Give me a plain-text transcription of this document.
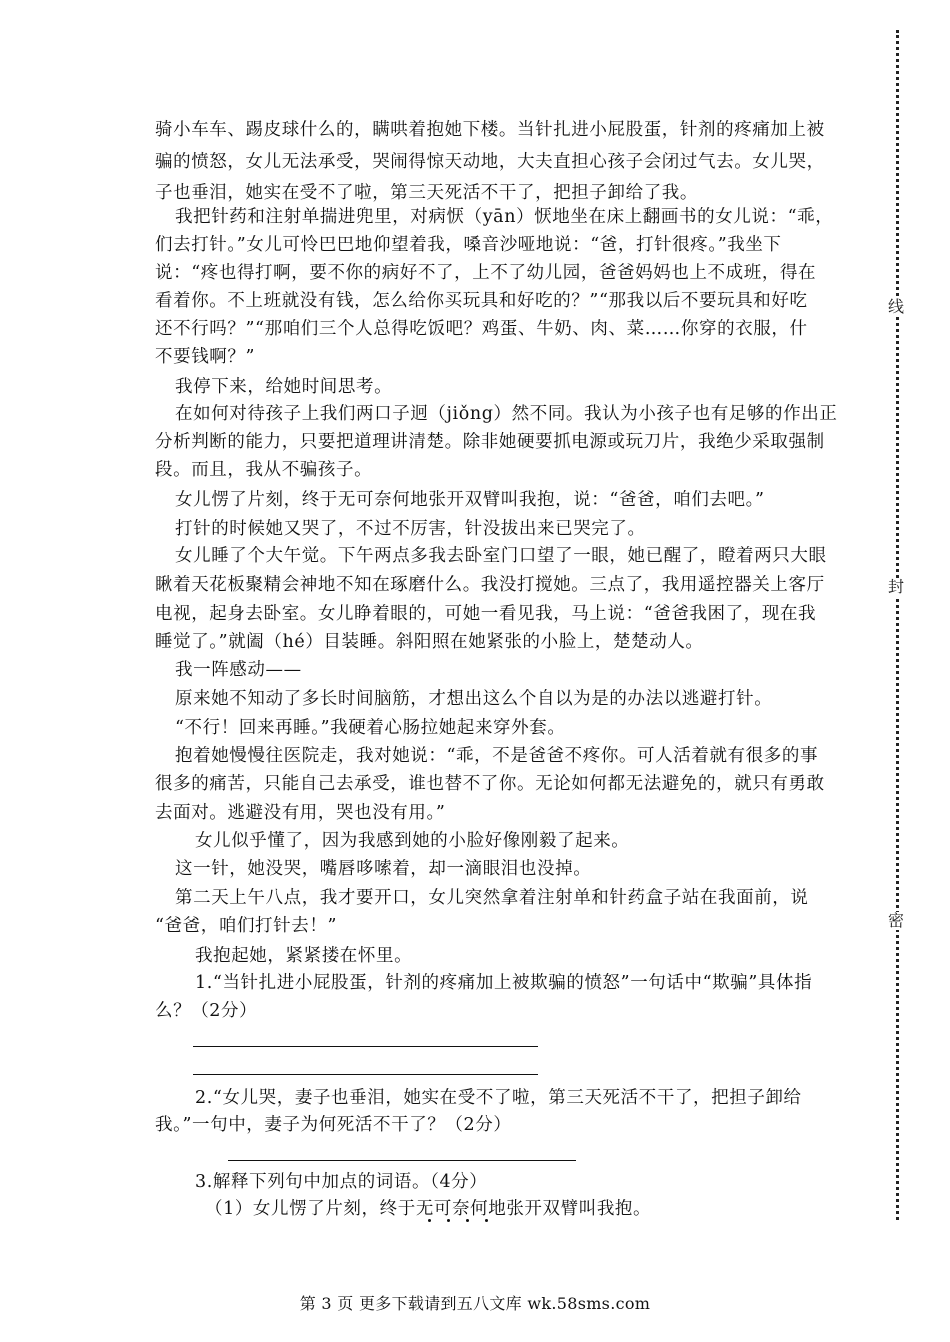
骑小车车、踢皮球什么的，瞒哄着抱她下楼。当针扎进小屁股蛋，针剂的疼痛加上被
骗的愤怒，女儿无法承受，哭闹得惊天动地，大夫直担心孩子会闭过气去。女儿哭，
子也垂泪，她实在受不了啦，第三天死活不干了，把担子卸给了我。
我把针药和注射单揣进兜里，对病恹（yān）恹地坐在床上翻画书的女儿说：“乖，
们去打针。”女儿可怜巴巴地仰望着我，嗓音沙哑地说：“爸，打针很疼。”我坐下
说：“疼也得打啊，要不你的病好不了，上不了幼儿园，爸爸妈妈也上不成班，得在
看着你。不上班就没有钱，怎么给你买玩具和好吃的？”“那我以后不要玩具和好吃
还不行吗？”“那咱们三个人总得吃饭吧？鸡蛋、牛奶、肉、菜……你穿的衣服，什
不要钱啊？”
我停下来，给她时间思考。
在如何对待孩子上我们两口子迥（jiǒng）然不同。我认为小孩子也有足够的作出正
分析判断的能力，只要把道理讲清楚。除非她硬要抓电源或玩刀片，我绝少采取强制
段。而且，我从不骗孩子。
女儿愣了片刻，终于无可奈何地张开双臂叫我抱，说：“爸爸，咱们去吧。”
打针的时候她又哭了，不过不厉害，针没拔出来已哭完了。
女儿睡了个大午觉。下午两点多我去卧室门口望了一眼，她已醒了，瞪着两只大眼
瞅着天花板聚精会神地不知在琢磨什么。我没打搅她。三点了，我用遥控器关上客厅
电视，起身去卧室。女儿睁着眼的，可她一看见我，马上说：“爸爸我困了，现在我
睡觉了。”就阖（hé）目装睡。斜阳照在她紧张的小脸上，楚楚动人。
我一阵感动——
原来她不知动了多长时间脑筋，才想出这么个自以为是的办法以逃避打针。
“不行！回来再睡。”我硬着心肠拉她起来穿外套。
抱着她慢慢往医院走，我对她说：“乖，不是爸爸不疼你。可人活着就有很多的事
很多的痛苦，只能自己去承受，谁也替不了你。无论如何都无法避免的，就只有勇敢
去面对。逃避没有用，哭也没有用。”
女儿似乎懂了，因为我感到她的小脸好像刚毅了起来。
这一针，她没哭，嘴唇哆嗦着，却一滴眼泪也没掉。
第二天上午八点，我才要开口，女儿突然拿着注射单和针药盒子站在我面前，说
“爸爸，咱们打针去！”
我抱起她，紧紧搂在怀里。
1.“当针扎进小屁股蛋，针剂的疼痛加上被欺骗的愤怒”一句话中“欺骗”具体指
么？（2分）
2.“女儿哭，妻子也垂泪，她实在受不了啦，第三天死活不干了，把担子卸给
我。”一句中，妻子为何死活不干了？（2分）
3.解释下列句中加点的词语。（4分）
（1）女儿愣了片刻，终于无可奈何地张开双臂叫我抱。
线
封
密
第 3 页 更多下载请到五八文库 wk.58sms.com
